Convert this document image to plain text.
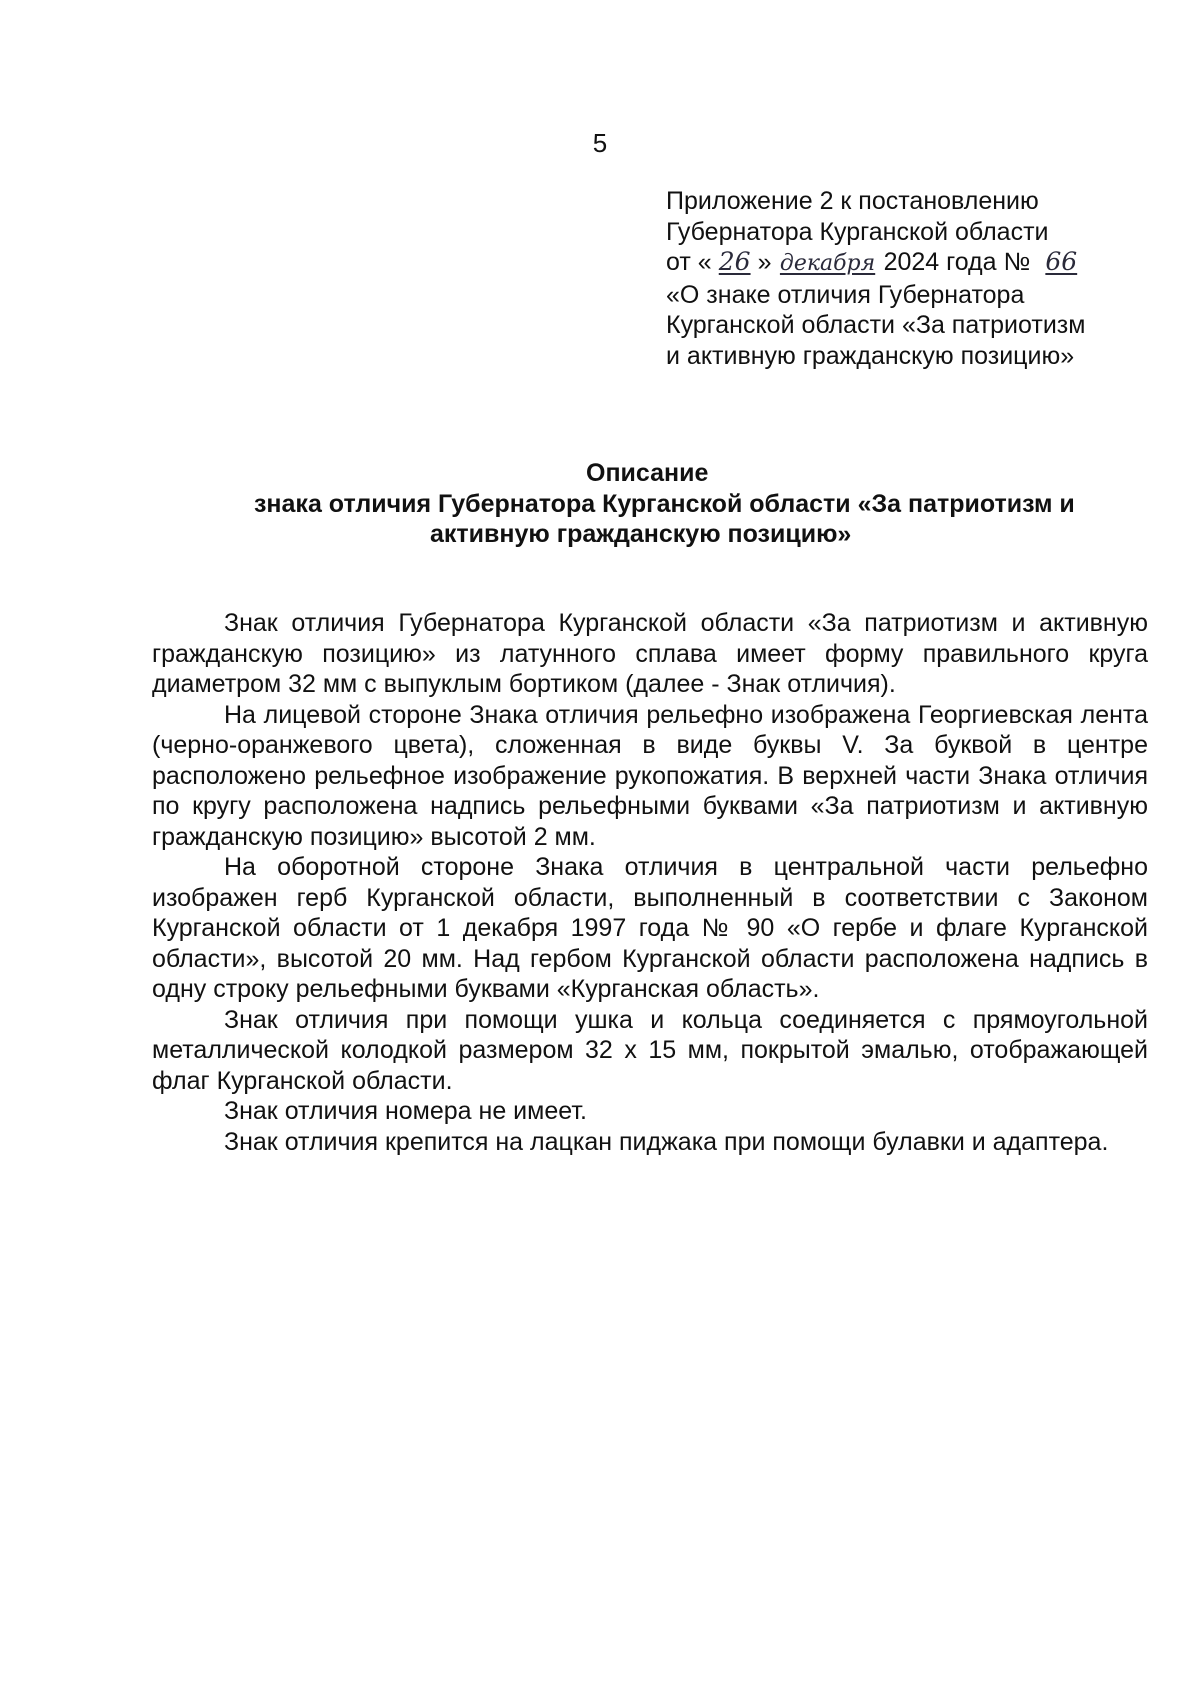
5
Приложение 2 к постановлению
Губернатора Курганской области
от « 26 » декабря 2024 года № 66
«О знаке отличия Губернатора
Курганской области «За патриотизм
и активную гражданскую позицию»
Описание
знака отличия Губернатора Курганской области «За патриотизм и
активную гражданскую позицию»

Знак отличия Губернатора Курганской области «За патриотизм и активную гражданскую позицию» из латунного сплава имеет форму правильного круга диаметром 32 мм с выпуклым бортиком (далее - Знак отличия).

На лицевой стороне Знака отличия рельефно изображена Георгиевская лента (черно-оранжевого цвета), сложенная в виде буквы V. За буквой в центре расположено рельефное изображение рукопожатия. В верхней части Знака отличия по кругу расположена надпись рельефными буквами «За патриотизм и активную гражданскую позицию» высотой 2 мм.

На оборотной стороне Знака отличия в центральной части рельефно изображен герб Курганской области, выполненный в соответствии с Законом Курганской области от 1 декабря 1997 года № 90 «О гербе и флаге Курганской области», высотой 20 мм. Над гербом Курганской области расположена надпись в одну строку рельефными буквами «Курганская область».

Знак отличия при помощи ушка и кольца соединяется с прямоугольной металлической колодкой размером 32 х 15 мм, покрытой эмалью, отображающей флаг Курганской области.

Знак отличия номера не имеет.

Знак отличия крепится на лацкан пиджака при помощи булавки и адаптера.
